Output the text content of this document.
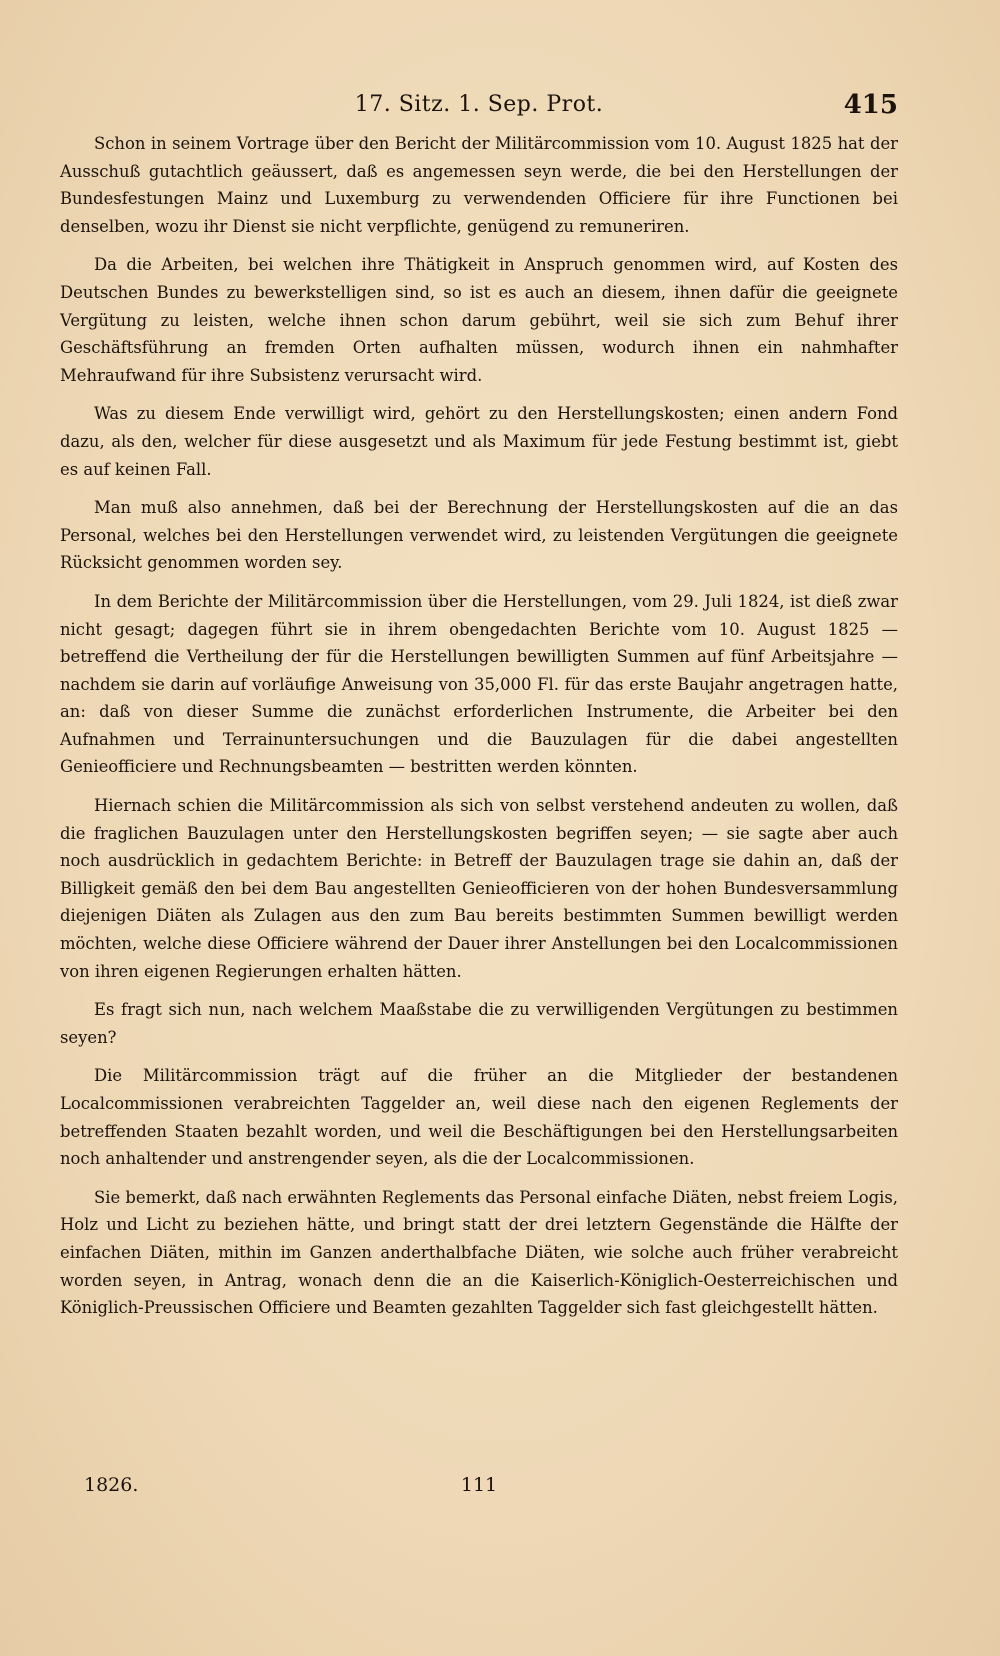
17. Sitz. 1. Sep. Prot.	415

Schon in seinem Vortrage über den Bericht der Militärcommission vom 10. August 1825 hat der Ausschuß gutachtlich geäussert, daß es angemessen seyn werde, die bei den Herstellungen der Bundesfestungen Mainz und Luxemburg zu verwendenden Officiere für ihre Functionen bei denselben, wozu ihr Dienst sie nicht verpflichte, genügend zu remuneriren.

Da die Arbeiten, bei welchen ihre Thätigkeit in Anspruch genommen wird, auf Kosten des Deutschen Bundes zu bewerkstelligen sind, so ist es auch an diesem, ihnen dafür die geeignete Vergütung zu leisten, welche ihnen schon darum gebührt, weil sie sich zum Behuf ihrer Geschäftsführung an fremden Orten aufhalten müssen, wodurch ihnen ein nahmhafter Mehraufwand für ihre Subsistenz verursacht wird.

Was zu diesem Ende verwilligt wird, gehört zu den Herstellungskosten; einen andern Fond dazu, als den, welcher für diese ausgesetzt und als Maximum für jede Festung bestimmt ist, giebt es auf keinen Fall.

Man muß also annehmen, daß bei der Berechnung der Herstellungskosten auf die an das Personal, welches bei den Herstellungen verwendet wird, zu leistenden Vergütungen die geeignete Rücksicht genommen worden sey.

In dem Berichte der Militärcommission über die Herstellungen, vom 29. Juli 1824, ist dieß zwar nicht gesagt; dagegen führt sie in ihrem obengedachten Berichte vom 10. August 1825 — betreffend die Vertheilung der für die Herstellungen bewilligten Summen auf fünf Arbeitsjahre — nachdem sie darin auf vorläufige Anweisung von 35,000 Fl. für das erste Baujahr angetragen hatte, an: daß von dieser Summe die zunächst erforderlichen Instrumente, die Arbeiter bei den Aufnahmen und Terrainuntersuchungen und die Bauzulagen für die dabei angestellten Genieofficiere und Rechnungsbeamten — bestritten werden könnten.

Hiernach schien die Militärcommission als sich von selbst verstehend andeuten zu wollen, daß die fraglichen Bauzulagen unter den Herstellungskosten begriffen seyen; — sie sagte aber auch noch ausdrücklich in gedachtem Berichte: in Betreff der Bauzulagen trage sie dahin an, daß der Billigkeit gemäß den bei dem Bau angestellten Genieofficieren von der hohen Bundesversammlung diejenigen Diäten als Zulagen aus den zum Bau bereits bestimmten Summen bewilligt werden möchten, welche diese Officiere während der Dauer ihrer Anstellungen bei den Localcommissionen von ihren eigenen Regierungen erhalten hätten.

Es fragt sich nun, nach welchem Maaßstabe die zu verwilligenden Vergütungen zu bestimmen seyen?

Die Militärcommission trägt auf die früher an die Mitglieder der bestandenen Localcommissionen verabreichten Taggelder an, weil diese nach den eigenen Reglements der betreffenden Staaten bezahlt worden, und weil die Beschäftigungen bei den Herstellungsarbeiten noch anhaltender und anstrengender seyen, als die der Localcommissionen.

Sie bemerkt, daß nach erwähnten Reglements das Personal einfache Diäten, nebst freiem Logis, Holz und Licht zu beziehen hätte, und bringt statt der drei letztern Gegenstände die Hälfte der einfachen Diäten, mithin im Ganzen anderthalbfache Diäten, wie solche auch früher verabreicht worden seyen, in Antrag, wonach denn die an die Kaiserlich-Königlich-Oesterreichischen und Königlich-Preussischen Officiere und Beamten gezahlten Taggelder sich fast gleichgestellt hätten.

1826.	111
